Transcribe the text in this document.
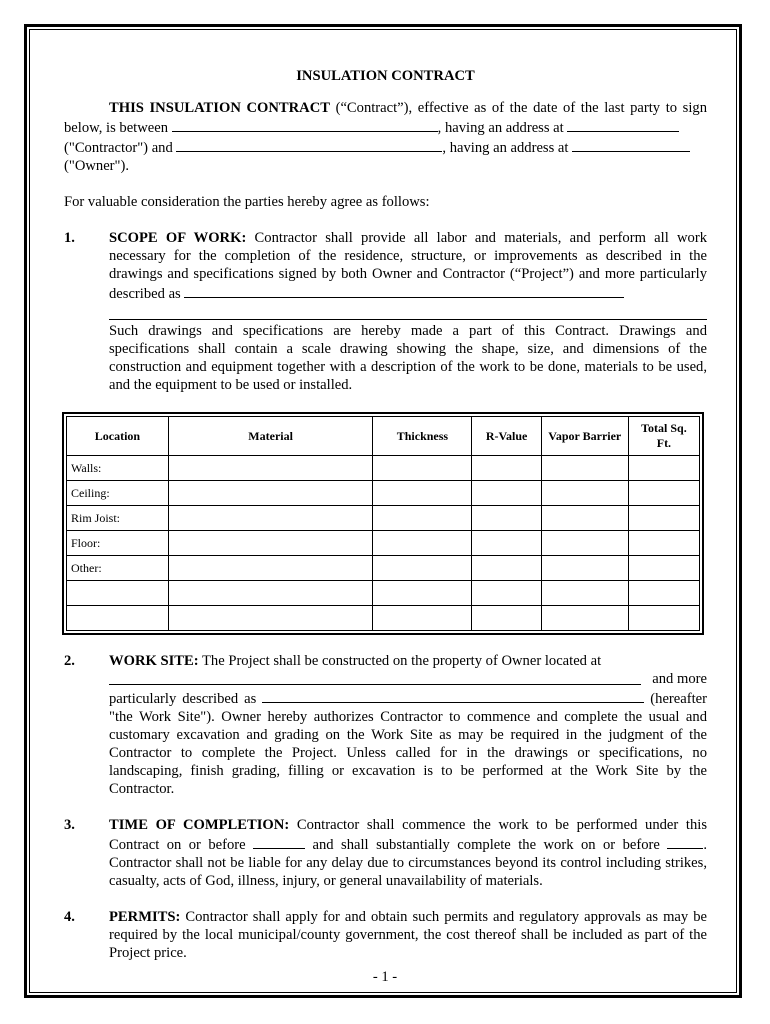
INSULATION CONTRACT

THIS INSULATION CONTRACT (“Contract”), effective as of the date of the last party to sign below, is between	, having an address at

("Contractor") and	, having an address at

("Owner").

For valuable consideration the parties hereby agree as follows:

1. SCOPE OF WORK: Contractor shall provide all labor and materials, and perform all work necessary for the completion of the residence, structure, or improvements as described in the drawings and specifications signed by both Owner and Contractor (“Project”) and more particularly described as

Such drawings and specifications are hereby made a part of this Contract. Drawings and specifications shall contain a scale drawing showing the shape, size, and dimensions of the construction and equipment together with a description of the work to be done, materials to be used, and the equipment to be used or installed.

Location	Material	Thickness	R-Value	Vapor Barrier	Total Sq. Ft.
Walls:					
Ceiling:					
Rim Joist:					
Floor:					
Other:					

2. WORK SITE: The Project shall be constructed on the property of Owner located at

and more

particularly described as	(hereafter "the Work Site"). Owner hereby authorizes Contractor to commence and complete the usual and customary excavation and grading on the Work Site as may be required in the judgment of the Contractor to complete the Project. Unless called for in the drawings or specifications, no landscaping, finish grading, filling or excavation is to be performed at the Work Site by the Contractor.

3. TIME OF COMPLETION: Contractor shall commence the work to be performed under this Contract on or before	and shall substantially complete the work on or before . Contractor shall not be liable for any delay due to circumstances beyond its control including strikes, casualty, acts of God, illness, injury, or general unavailability of materials.

4. PERMITS: Contractor shall apply for and obtain such permits and regulatory approvals as may be required by the local municipal/county government, the cost thereof shall be included as part of the Project price.

- 1 -
